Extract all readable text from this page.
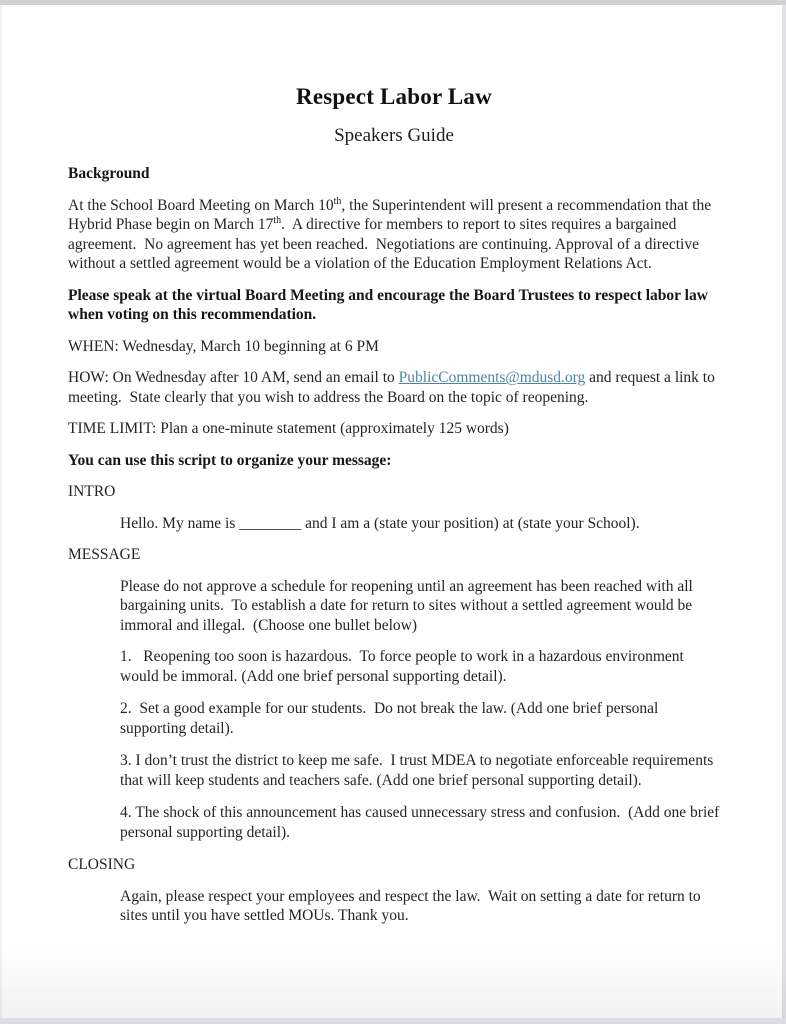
Respect Labor Law
Speakers Guide

Background

At the School Board Meeting on March 10th, the Superintendent will present a recommendation that the Hybrid Phase begin on March 17th.  A directive for members to report to sites requires a bargained agreement.  No agreement has yet been reached.  Negotiations are continuing. Approval of a directive without a settled agreement would be a violation of the Education Employment Relations Act.

Please speak at the virtual Board Meeting and encourage the Board Trustees to respect labor law when voting on this recommendation.

WHEN: Wednesday, March 10 beginning at 6 PM

HOW: On Wednesday after 10 AM, send an email to PublicComments@mdusd.org and request a link to meeting.  State clearly that you wish to address the Board on the topic of reopening.

TIME LIMIT: Plan a one-minute statement (approximately 125 words)

You can use this script to organize your message:

INTRO

Hello. My name is ________ and I am a (state your position) at (state your School).

MESSAGE

Please do not approve a schedule for reopening until an agreement has been reached with all bargaining units.  To establish a date for return to sites without a settled agreement would be immoral and illegal.  (Choose one bullet below)

1.   Reopening too soon is hazardous.  To force people to work in a hazardous environment would be immoral. (Add one brief personal supporting detail).

2.  Set a good example for our students.  Do not break the law. (Add one brief personal supporting detail).

3. I don’t trust the district to keep me safe.  I trust MDEA to negotiate enforceable requirements that will keep students and teachers safe. (Add one brief personal supporting detail).

4. The shock of this announcement has caused unnecessary stress and confusion.  (Add one brief personal supporting detail).

CLOSING

Again, please respect your employees and respect the law.  Wait on setting a date for return to sites until you have settled MOUs. Thank you.
